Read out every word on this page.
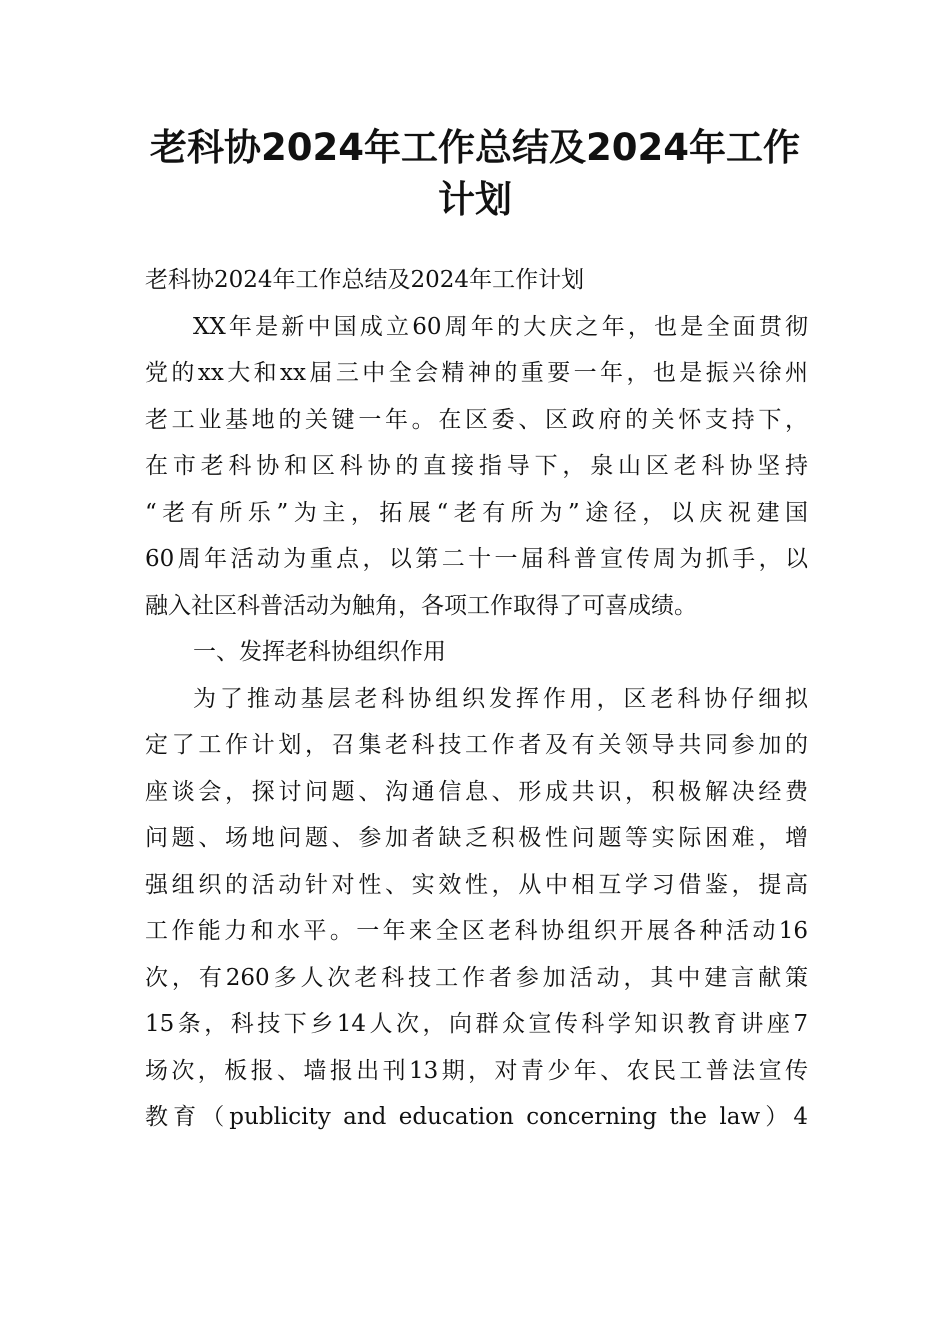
老科协2024年工作总结及2024年工作
计划
老科协2024年工作总结及2024年工作计划
XX年是新中国成立60周年的大庆之年，也是全面贯彻
党的xx大和xx届三中全会精神的重要一年，也是振兴徐州
老工业基地的关键一年。在区委、区政府的关怀支持下，
在市老科协和区科协的直接指导下，泉山区老科协坚持
“老有所乐”为主，拓展“老有所为”途径，以庆祝建国
60周年活动为重点，以第二十一届科普宣传周为抓手，以
融入社区科普活动为触角，各项工作取得了可喜成绩。
一、发挥老科协组织作用
为了推动基层老科协组织发挥作用，区老科协仔细拟
定了工作计划，召集老科技工作者及有关领导共同参加的
座谈会，探讨问题、沟通信息、形成共识，积极解决经费
问题、场地问题、参加者缺乏积极性问题等实际困难，增
强组织的活动针对性、实效性，从中相互学习借鉴，提高
工作能力和水平。一年来全区老科协组织开展各种活动16
次，有260多人次老科技工作者参加活动，其中建言献策
15条，科技下乡14人次，向群众宣传科学知识教育讲座7
场次，板报、墙报出刊13期，对青少年、农民工普法宣传
教育（publicity and education concerning the law）4
